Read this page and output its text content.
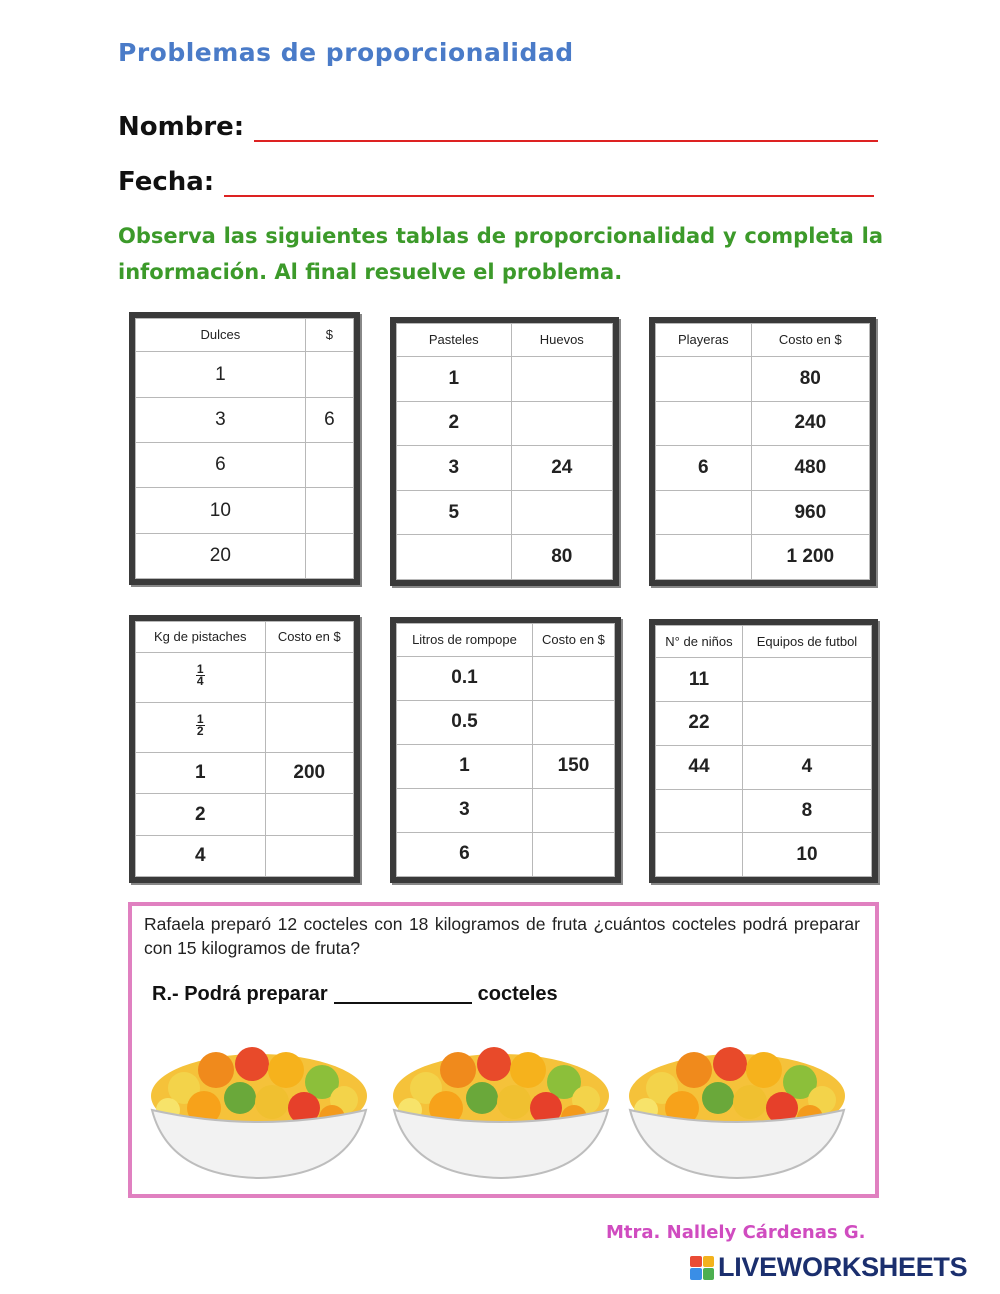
Problemas de proporcionalidad
Nombre:
Fecha:
Observa las siguientes tablas de proporcionalidad y completa la información. Al final resuelve el problema.
Dulces	$
1	
3	6
6	
10	
20	
Pasteles	Huevos
1	
2	
3	24
5	
	80
Playeras	Costo en $
	80
	240
6	480
	960
	1 200
Kg de pistaches	Costo en $

$\frac{1}{4}$

$\frac{1}{2}$

1	200
2	
4	
Litros de rompope	Costo en $
0.1	
0.5	
1	150
3	
6	
N° de niños	Equipos de futbol
11	
22	
44	4
	8
	10
Rafaela preparó 12 cocteles con 18 kilogramos de fruta ¿cuántos cocteles podrá preparar con 15 kilogramos de fruta?
R.- Podrá preparar	cocteles
Mtra. Nallely Cárdenas G.
LIVEWORKSHEETS
